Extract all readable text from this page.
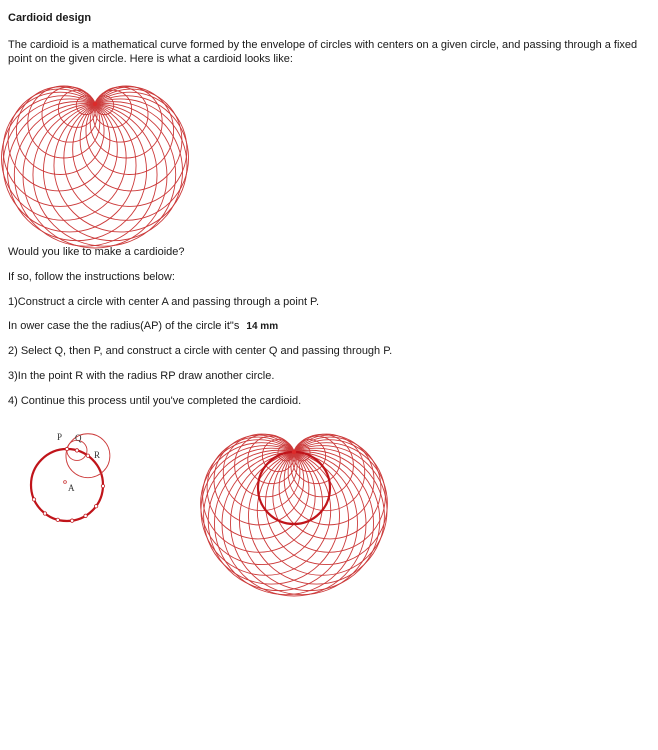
Cardioid design
The cardioid is a mathematical curve formed by the envelope of circles with centers on a given circle, and passing through a fixed point on the given circle. Here is what a cardioid looks like:
Would you like to make a cardioide?
If so, follow the instructions below:
1)Construct a circle with center A and passing through a point P.
In ower case the the radius(AP) of the circle it"s 14 mm
2) Select Q, then P, and construct a circle with center Q and passing through P.
3)In the point R with the radius RP draw another circle.
4) Continue this process until you've completed the cardioid.
P Q
R
A
